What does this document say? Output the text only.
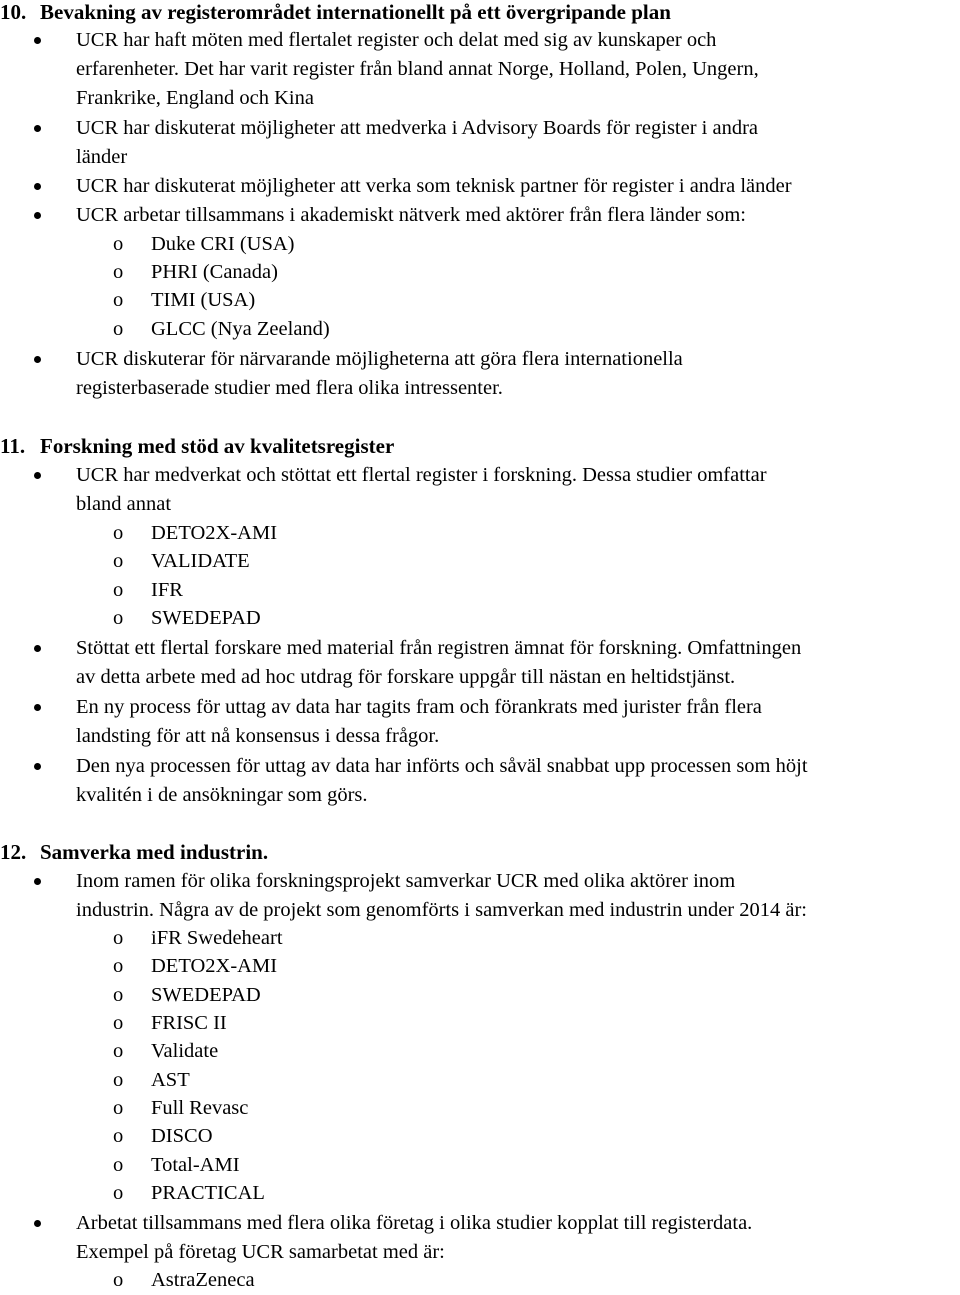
10. Bevakning av registerområdet internationellt på ett övergripande plan

UCR har haft möten med flertalet register och delat med sig av kunskaper och

erfarenheter. Det har varit register från bland annat Norge, Holland, Polen, Ungern,

Frankrike, England och Kina

UCR har diskuterat möjligheter att medverka i Advisory Boards för register i andra

länder

UCR har diskuterat möjligheter att verka som teknisk partner för register i andra länder

UCR arbetar tillsammans i akademiskt nätverk med aktörer från flera länder som:

o Duke CRI (USA)

o PHRI (Canada)

o TIMI (USA)

o GLCC (Nya Zeeland)

UCR diskuterar för närvarande möjligheterna att göra flera internationella

registerbaserade studier med flera olika intressenter.

11. Forskning med stöd av kvalitetsregister

UCR har medverkat och stöttat ett flertal register i forskning. Dessa studier omfattar

bland annat

o DETO2X-AMI

o VALIDATE

o IFR

o SWEDEPAD

Stöttat ett flertal forskare med material från registren ämnat för forskning. Omfattningen

av detta arbete med ad hoc utdrag för forskare uppgår till nästan en heltidstjänst.

En ny process för uttag av data har tagits fram och förankrats med jurister från flera

landsting för att nå konsensus i dessa frågor.

Den nya processen för uttag av data har införts och såväl snabbat upp processen som höjt

kvalitén i de ansökningar som görs.

12. Samverka med industrin.

Inom ramen för olika forskningsprojekt samverkar UCR med olika aktörer inom

industrin. Några av de projekt som genomförts i samverkan med industrin under 2014 är:

o iFR Swedeheart

o DETO2X-AMI

o SWEDEPAD

o FRISC II

o Validate

o AST

o Full Revasc

o DISCO

o Total-AMI

o PRACTICAL

Arbetat tillsammans med flera olika företag i olika studier kopplat till registerdata.

Exempel på företag UCR samarbetat med är:

o AstraZeneca
